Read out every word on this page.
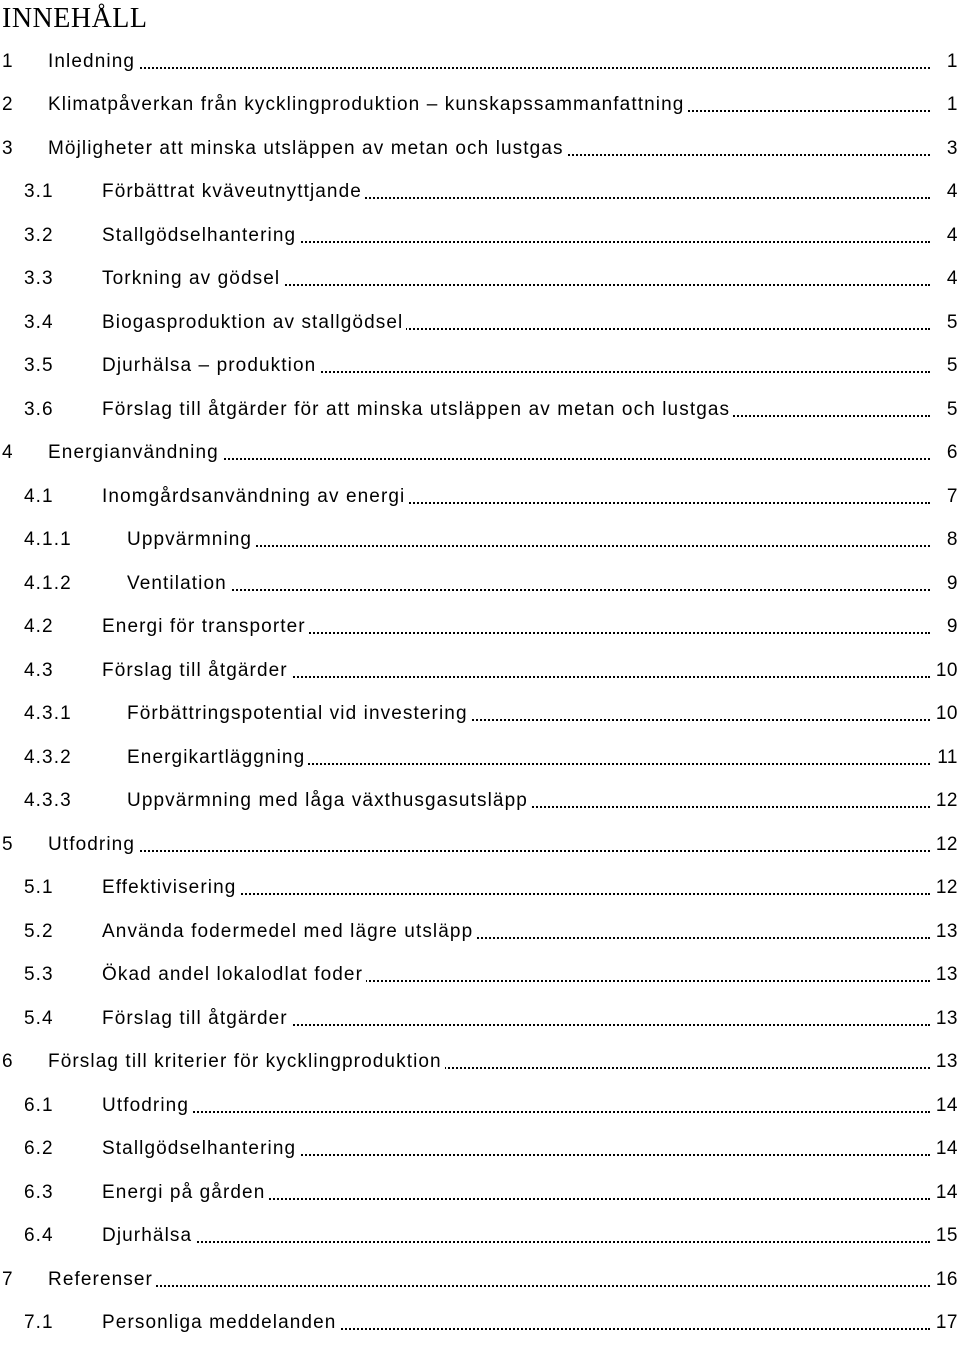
INNEHÅLL
1 Inledning	1
2 Klimatpåverkan från kycklingproduktion – kunskapssammanfattning	1
3 Möjligheter att minska utsläppen av metan och lustgas	3
3.1	Förbättrat kväveutnyttjande	4
3.2	Stallgödselhantering	4
3.3	Torkning av gödsel	4
3.4	Biogasproduktion av stallgödsel	5
3.5	Djurhälsa – produktion	5
3.6	Förslag till åtgärder för att minska utsläppen av metan och lustgas	5
4 Energianvändning	6
4.1	Inomgårdsanvändning av energi	7
4.1.1	Uppvärmning	8
4.1.2	Ventilation	9
4.2	Energi för transporter	9
4.3	Förslag till åtgärder	10
4.3.1	Förbättringspotential vid investering	10
4.3.2	Energikartläggning	11
4.3.3	Uppvärmning med låga växthusgasutsläpp	12
5 Utfodring	12
5.1	Effektivisering	12
5.2	Använda fodermedel med lägre utsläpp	13
5.3	Ökad andel lokalodlat foder	13
5.4	Förslag till åtgärder	13
6 Förslag till kriterier för kycklingproduktion	13
6.1	Utfodring	14
6.2	Stallgödselhantering	14
6.3	Energi på gården	14
6.4	Djurhälsa	15
7 Referenser	16
7.1	Personliga meddelanden	17
